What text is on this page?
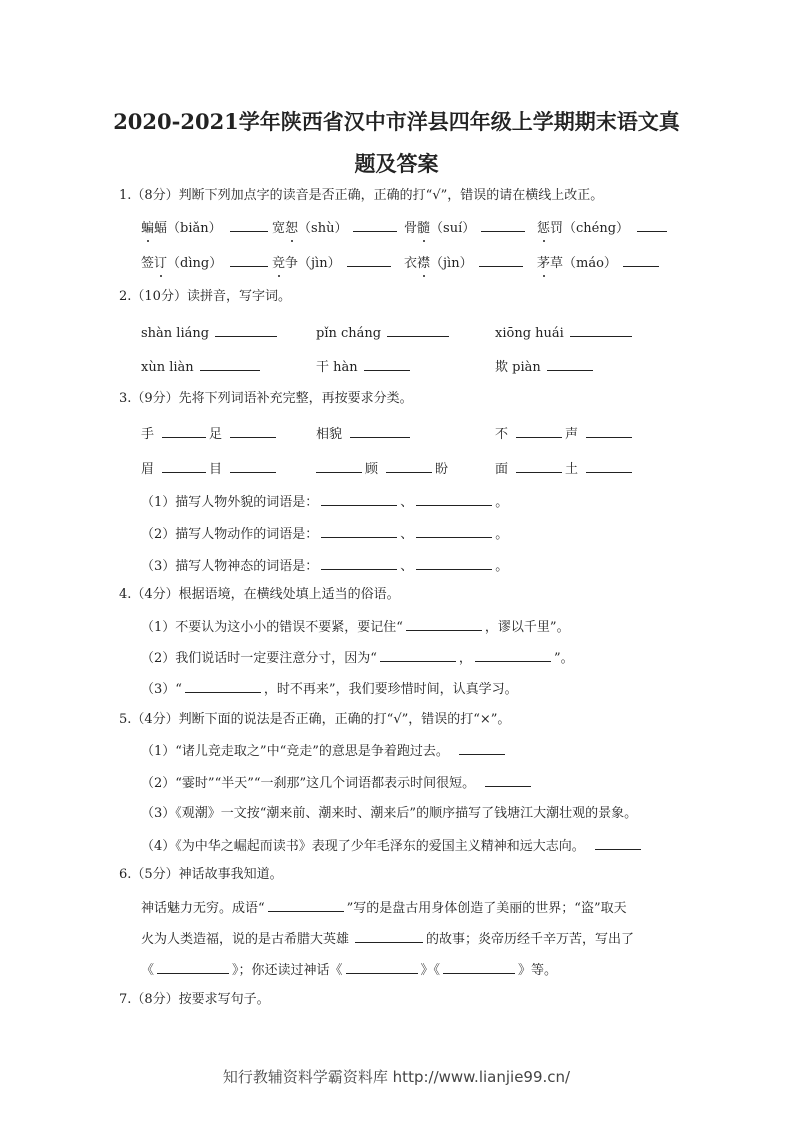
2020-2021学年陕西省汉中市洋县四年级上学期期末语文真
题及答案
1.（8分）判断下列加点字的读音是否正确，正确的打“√”，错误的请在横线上改正。
蝙蝠（biǎn）	宽恕（shù）	骨髓（suí）	惩罚（chéng）
签订（dìng）	竞争（jìn）	衣襟（jìn）	茅草（máo）
2.（10分）读拼音，写字词。
shàn liáng	pǐn cháng	xiōng huái
xùn liàn	干 hàn	欺 piàn
3.（9分）先将下列词语补充完整，再按要求分类。
手	足	相貌	不	声
眉	目	顾	盼	面	土
（1）描写人物外貌的词语是：	、	。
（2）描写人物动作的词语是：	、	。
（3）描写人物神态的词语是：	、	。
4.（4分）根据语境，在横线处填上适当的俗语。
（1）不要认为这小小的错误不要紧，要记住“	，谬以千里”。
（2）我们说话时一定要注意分寸，因为“	，	”。
（3）“	，时不再来”，我们要珍惜时间，认真学习。
5.（4分）判断下面的说法是否正确，正确的打“√”，错误的打“×”。
（1）“诸儿竞走取之”中“竞走”的意思是争着跑过去。
（2）“霎时”“半天”“一刹那”这几个词语都表示时间很短。
（3）《观潮》一文按“潮来前、潮来时、潮来后”的顺序描写了钱塘江大潮壮观的景象。
（4）《为中华之崛起而读书》表现了少年毛泽东的爱国主义精神和远大志向。
6.（5分）神话故事我知道。
神话魅力无穷。成语“	”写的是盘古用身体创造了美丽的世界；“盗”取天
火为人类造福，说的是古希腊大英雄	的故事；炎帝历经千辛万苦，写出了
《	》；你还读过神话《	》《	》等。
7.（8分）按要求写句子。
知行教辅资料学霸资料库 http://www.lianjie99.cn/
